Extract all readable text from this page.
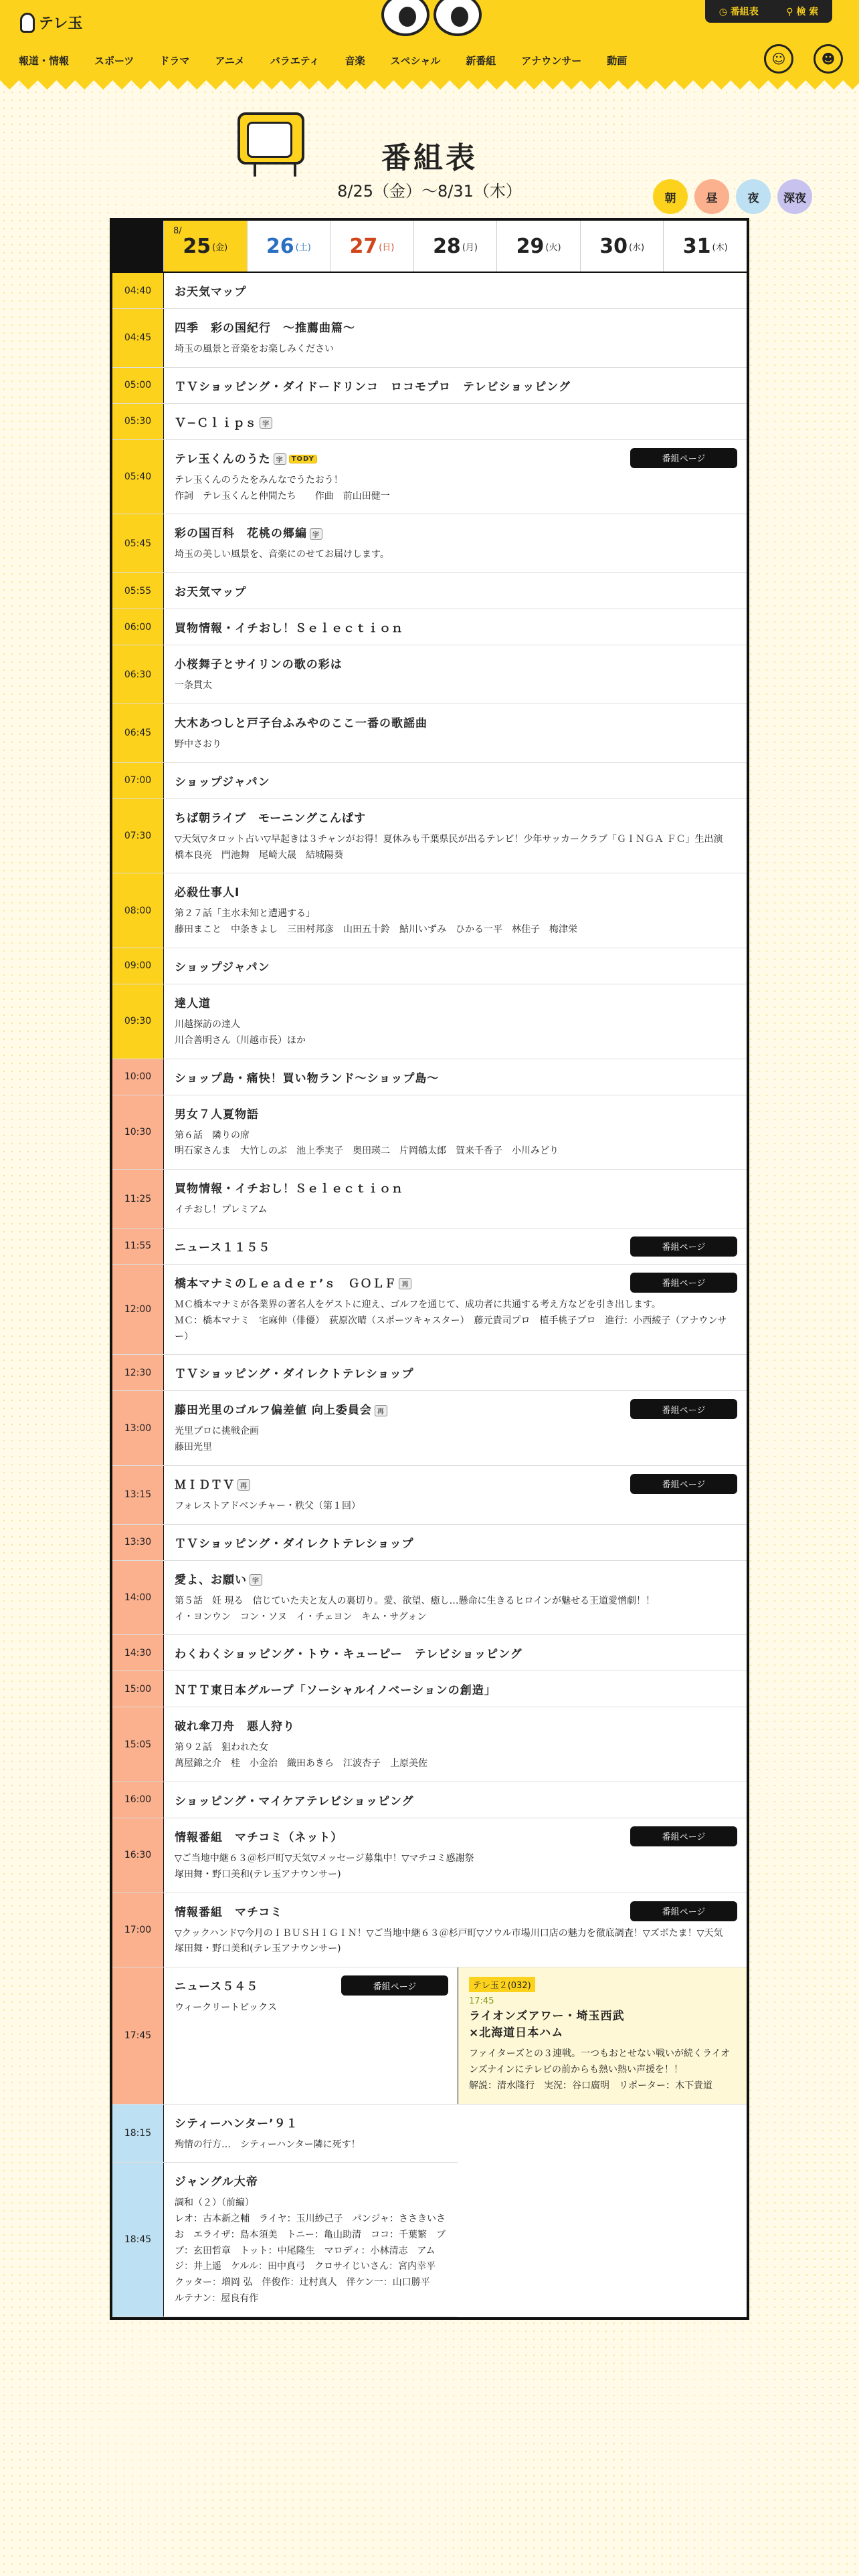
テレ玉
◷ 番組表	⚲ 検 索
報道・情報	スポーツ	ドラマ	アニメ	バラエティ	音楽	スペシャル	新番組	アナウンサー	動画	☺	☻
番組表
8/25（金）〜8/31（木）	朝	昼	夜	深夜
8/
25 (金) 26 (土) 27 (日) 28 (月) 29 (火) 30 (水) 31 (木)
04:40	お天気マップ
04:45
四季　彩の国紀行　〜推薦曲篇〜
埼玉の風景と音楽をお楽しみください
05:00	ＴＶショッピング・ダイドードリンコ　ロコモプロ　テレビショッピング
05:30	Ｖ−Ｃｌｉｐｓ 字
05:40
テレ玉くんのうた 字 TODY
テレ玉くんのうたをみんなでうたおう！
作詞　テレ玉くんと仲間たち　　作曲　前山田健一
番組ページ
05:45
彩の国百科　花桃の郷編 字
埼玉の美しい風景を、音楽にのせてお届けします。
05:55	お天気マップ
06:00	買物情報・イチおし！Ｓｅｌｅｃｔｉｏｎ
06:30
小桜舞子とサイリンの歌の彩は
一条貫太
06:45
大木あつしと戸子台ふみやのここ一番の歌謡曲
野中さおり
07:00	ショップジャパン
07:30
ちば朝ライブ　モーニングこんぱす
▽天気▽タロット占い▽早起きは３チャンがお得！夏休みも千葉県民が出るテレビ！少年サッカークラブ「ＧＩＮＧＡ ＦＣ」生出演
橋本良亮　門池舞　尾崎大晟　結城陽葵
08:00
必殺仕事人Ⅰ
第２７話「主水未知と遭遇する」
藤田まこと　中条きよし　三田村邦彦　山田五十鈴　鮎川いずみ　ひかる一平　林佳子　梅津栄
09:00	ショップジャパン
09:30
達人道
川越探訪の達人
川合善明さん（川越市長）ほか
10:00	ショップ島・痛快！買い物ランド〜ショップ島〜
10:30
男女７人夏物語
第６話　隣りの席
明石家さんま　大竹しのぶ　池上季実子　奥田瑛二　片岡鶴太郎　賀来千香子　小川みどり
11:25
買物情報・イチおし！Ｓｅｌｅｃｔｉｏｎ
イチおし！プレミアム
11:55	ニュース１１５５	番組ページ
12:00
橋本マナミのＬｅａｄｅｒ’ｓ　ＧＯＬＦ 再
ＭＣ橋本マナミが各業界の著名人をゲストに迎え、ゴルフを通じて、成功者に共通する考え方などを引き出します。
ＭＣ：橋本マナミ　宅麻伸（俳優）　荻原次晴（スポーツキャスター）　藤元貴司プロ　植手桃子プロ　進行：小西綾子（アナウンサー）
番組ページ
12:30	ＴＶショッピング・ダイレクトテレショップ
13:00
藤田光里のゴルフ偏差値 向上委員会 再
光里プロに挑戦企画
藤田光里
番組ページ
13:15
ＭＩＤＴＶ 再
フォレストアドベンチャー・秩父（第１回）
番組ページ
13:30	ＴＶショッピング・ダイレクトテレショップ
14:00
愛よ、お願い 字
第５話　妊 現る　信じていた夫と友人の裏切り。愛、欲望、癒し…懸命に生きるヒロインが魅せる王道愛憎劇！！
イ・ヨンウン　コン・ソヌ　イ・チェヨン　キム・サグォン
14:30	わくわくショッピング・トウ・キューピー　テレビショッピング
15:00	ＮＴＴ東日本グループ「ソーシャルイノベーションの創造」
15:05
破れ傘刀舟　悪人狩り
第９２話　狙われた女
萬屋錦之介　桂　小金治　織田あきら　江波杏子　上原美佐
16:00	ショッピング・マイケアテレビショッピング
16:30
情報番組　マチコミ（ネット）
▽ご当地中継６３＠杉戸町▽天気▽メッセージ募集中！▽マチコミ感謝祭
塚田舞・野口美和(テレ玉アナウンサー)
番組ページ
17:00
情報番組　マチコミ
▽クックハンド▽今月のＩＢＵＳＨＩＧＩＮ！▽ご当地中継６３＠杉戸町▽ソウル市場川口店の魅力を徹底調査！▽ズボたま！▽天気
塚田舞・野口美和(テレ玉アナウンサー)
番組ページ
17:45
ニュース５４５
ウィークリートピックス
番組ページ	テレ玉２(032)
17:45
ライオンズアワー・埼玉西武
×北海道日本ハム
ファイターズとの３連戦。一つもおとせない戦いが続くライオンズナインにテレビの前からも熱い熱い声援を！！
解説：清水隆行　実況：谷口廣明　リポーター：木下貴道
18:15
シティーハンター’９１
殉情の行方…　シティーハンター隣に死す！
18:45
ジャングル大帝
調和（２）（前編）
レオ：古本新之輔　ライヤ：玉川紗己子　パンジャ：ささきいさお　エライザ：島本須美　トニー：亀山助清　ココ：千葉繁　ブブ：玄田哲章　トット：中尾隆生　マロディ：小林清志　アムジ：井上遥　ケルル：田中真弓　クロサイじいさん：宮内幸平　クッター：増岡 弘　伴俊作：辻村真人　伴ケン一：山口勝平　ルテナン：屋良有作
